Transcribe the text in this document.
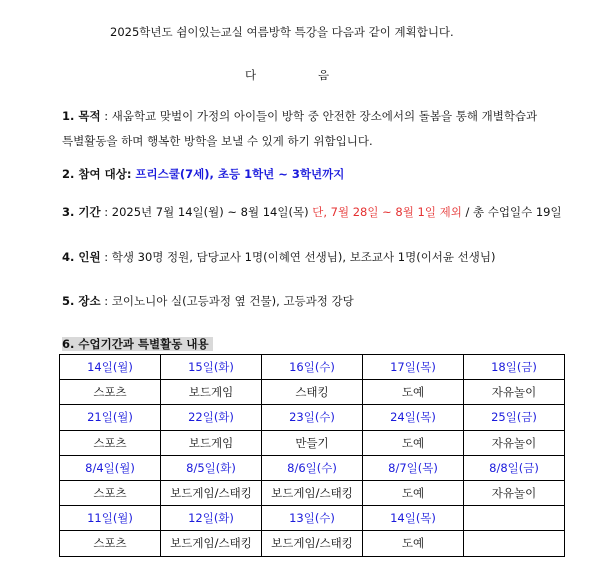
2025학년도 쉼이있는교실 여름방학 특강을 다음과 같이 계획합니다.
다	음
1. 목적 : 새움학교 맞벌이 가정의 아이들이 방학 중 안전한 장소에서의 돌봄을 통해 개별학습과
특별활동을 하며 행복한 방학을 보낼 수 있게 하기 위함입니다.
2. 참여 대상: 프리스쿨(7세), 초등 1학년 ~ 3학년까지
3. 기간 : 2025년 7월 14일(월) ~ 8월 14일(목) 단, 7월 28일 ~ 8월 1일 제외 / 총 수업일수 19일
4. 인원 : 학생 30명 정원, 담당교사 1명(이혜연 선생님), 보조교사 1명(이서윤 선생님)
5. 장소 : 코이노니아 실(고등과정 옆 건물), 고등과정 강당
6. 수업기간과 특별활동 내용
14일(월)	15일(화)	16일(수)	17일(목)	18일(금)
스포츠	보드게임	스태킹	도예	자유놀이
21일(월)	22일(화)	23일(수)	24일(목)	25일(금)
스포츠	보드게임	만들기	도예	자유놀이
8/4일(월)	8/5일(화)	8/6일(수)	8/7일(목)	8/8일(금)
스포츠	보드게임/스태킹	보드게임/스태킹	도예	자유놀이
11일(월)	12일(화)	13일(수)	14일(목)	
스포츠	보드게임/스태킹	보드게임/스태킹	도예	
